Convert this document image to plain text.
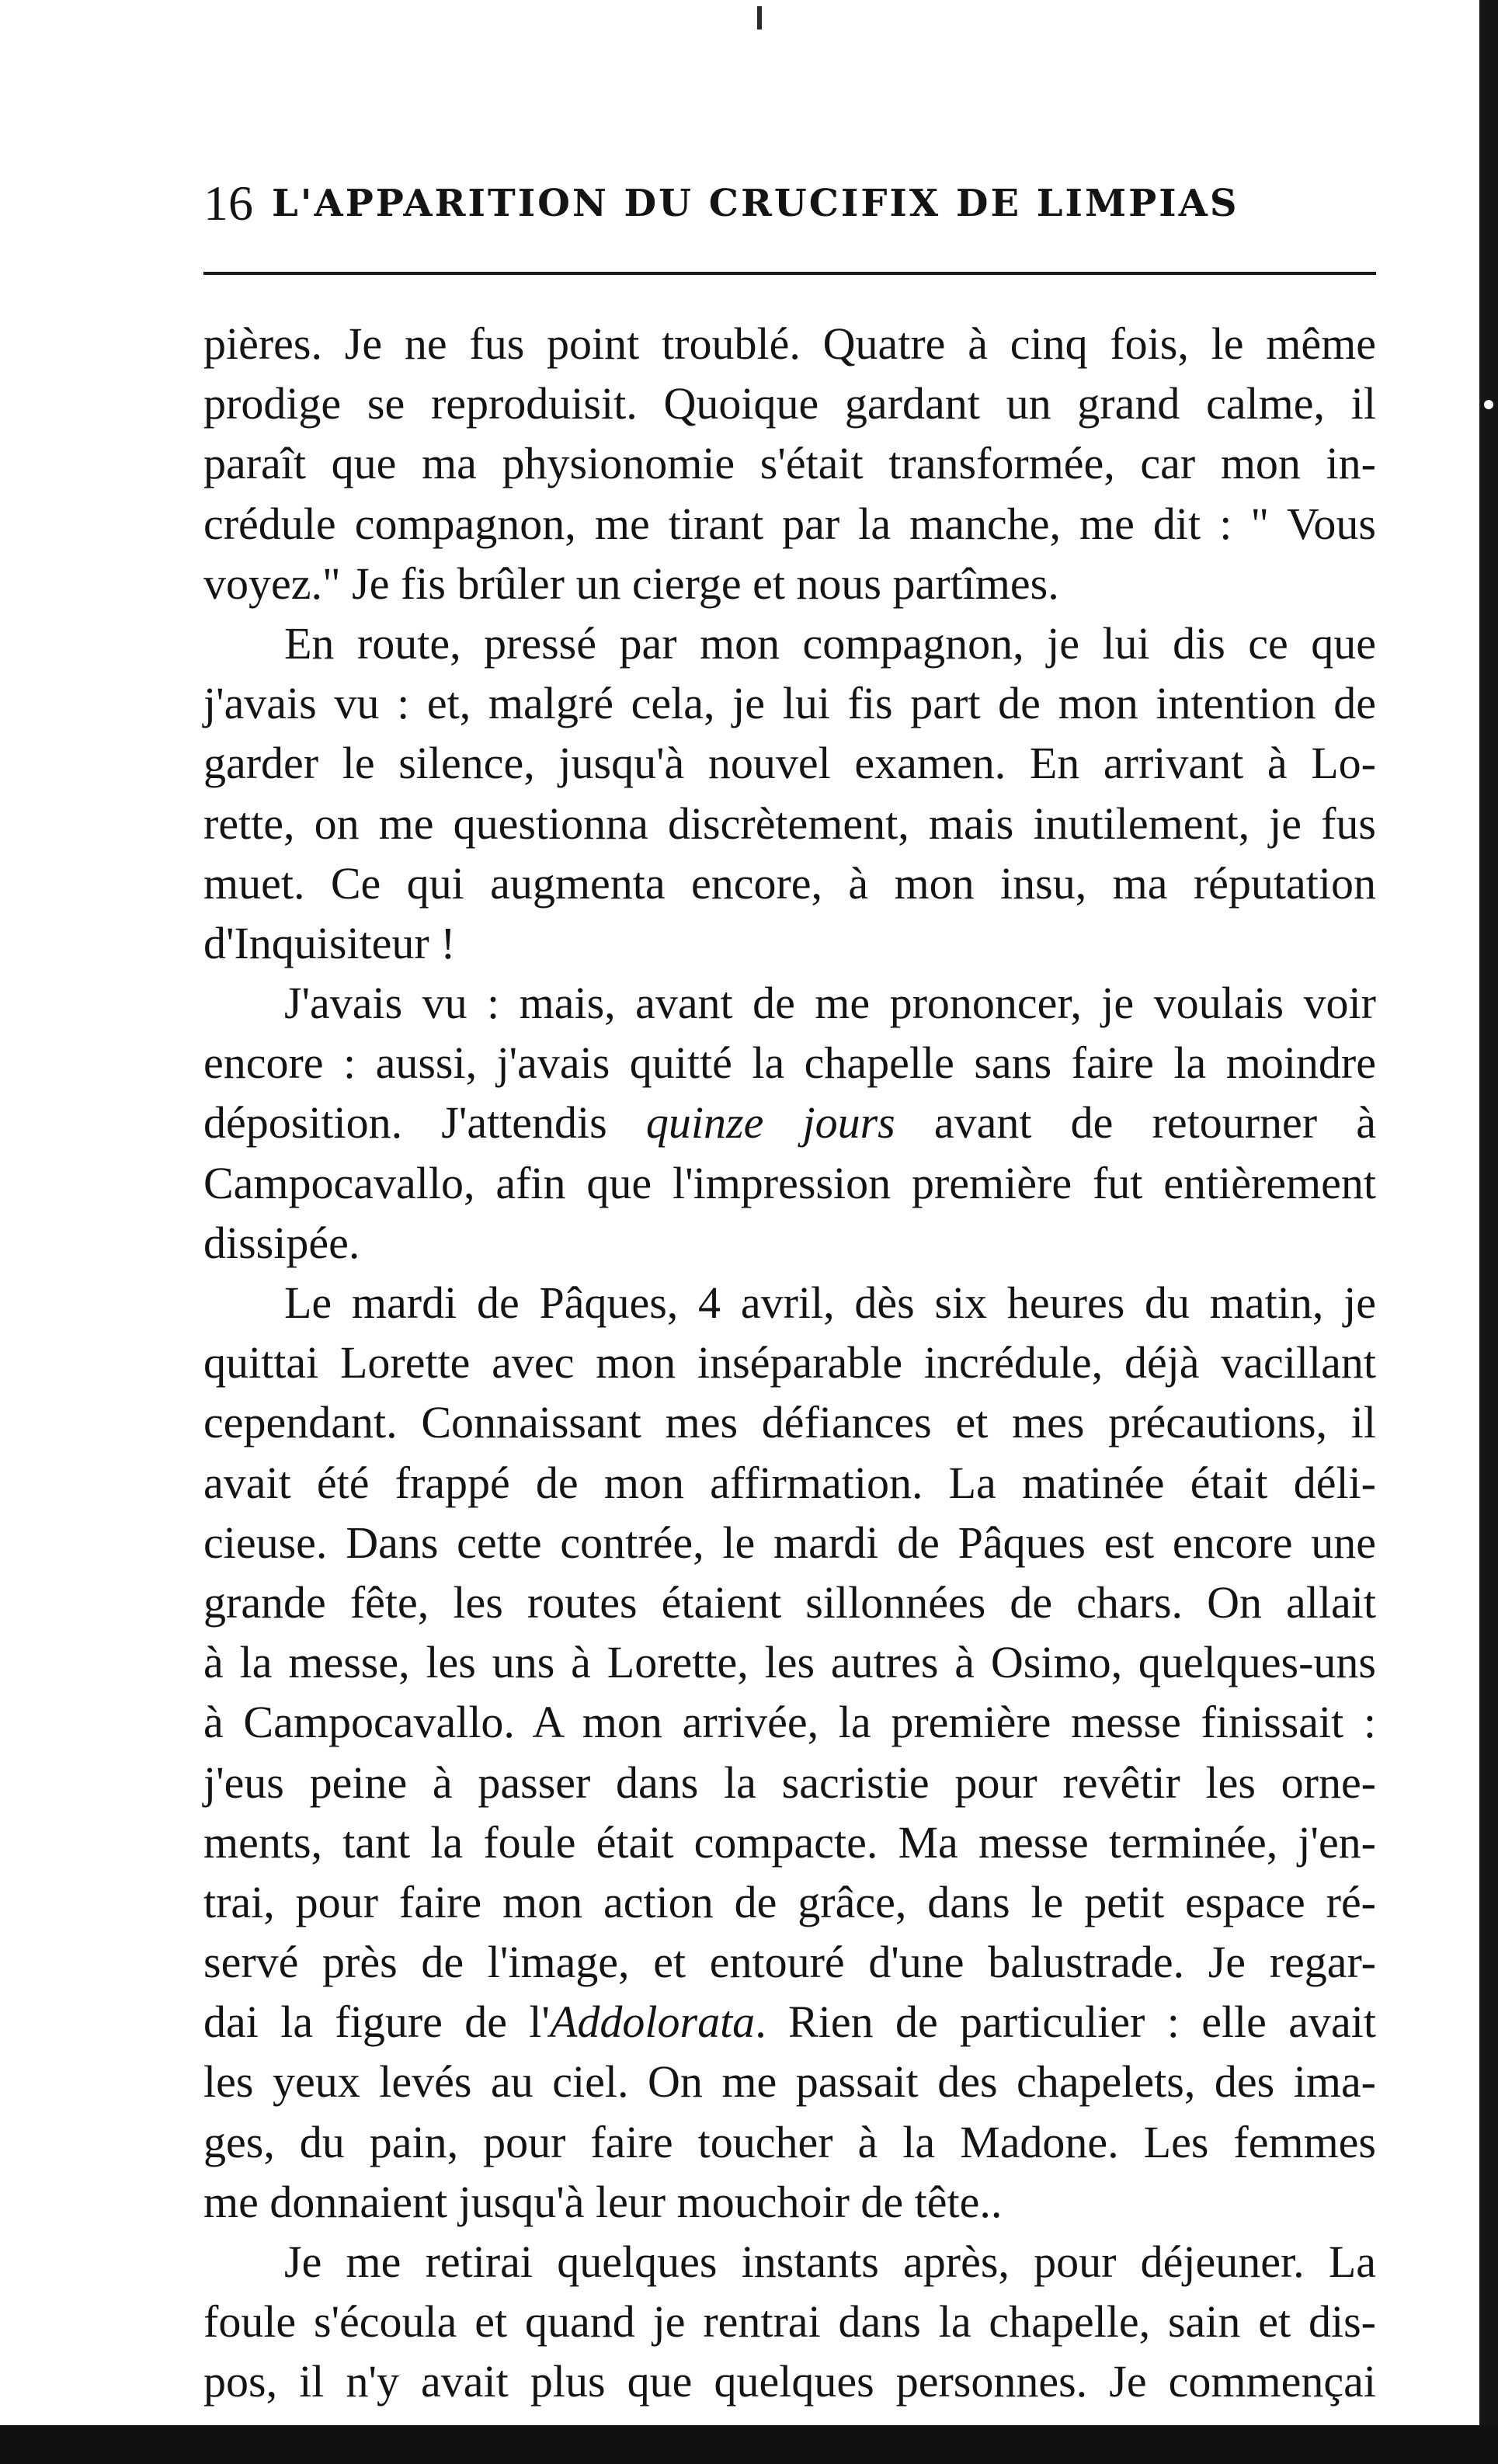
16 L'APPARITION DU CRUCIFIX DE LIMPIAS
pières. Je ne fus point troublé. Quatre à cinq fois, le même
prodige se reproduisit. Quoique gardant un grand calme, il
paraît que ma physionomie s'était transformée, car mon in-
crédule compagnon, me tirant par la manche, me dit : " Vous
voyez." Je fis brûler un cierge et nous partîmes.
En route, pressé par mon compagnon, je lui dis ce que
j'avais vu : et, malgré cela, je lui fis part de mon intention de
garder le silence, jusqu'à nouvel examen. En arrivant à Lo-
rette, on me questionna discrètement, mais inutilement, je fus
muet. Ce qui augmenta encore, à mon insu, ma réputation
d'Inquisiteur !
J'avais vu : mais, avant de me prononcer, je voulais voir
encore : aussi, j'avais quitté la chapelle sans faire la moindre
déposition. J'attendis quinze jours avant de retourner à
Campocavallo, afin que l'impression première fut entièrement
dissipée.
Le mardi de Pâques, 4 avril, dès six heures du matin, je
quittai Lorette avec mon inséparable incrédule, déjà vacillant
cependant. Connaissant mes défiances et mes précautions, il
avait été frappé de mon affirmation. La matinée était déli-
cieuse. Dans cette contrée, le mardi de Pâques est encore une
grande fête, les routes étaient sillonnées de chars. On allait
à la messe, les uns à Lorette, les autres à Osimo, quelques-uns
à Campocavallo. A mon arrivée, la première messe finissait :
j'eus peine à passer dans la sacristie pour revêtir les orne-
ments, tant la foule était compacte. Ma messe terminée, j'en-
trai, pour faire mon action de grâce, dans le petit espace ré-
servé près de l'image, et entouré d'une balustrade. Je regar-
dai la figure de l'Addolorata. Rien de particulier : elle avait
les yeux levés au ciel. On me passait des chapelets, des ima-
ges, du pain, pour faire toucher à la Madone. Les femmes
me donnaient jusqu'à leur mouchoir de tête..
Je me retirai quelques instants après, pour déjeuner. La
foule s'écoula et quand je rentrai dans la chapelle, sain et dis-
pos, il n'y avait plus que quelques personnes. Je commençai
